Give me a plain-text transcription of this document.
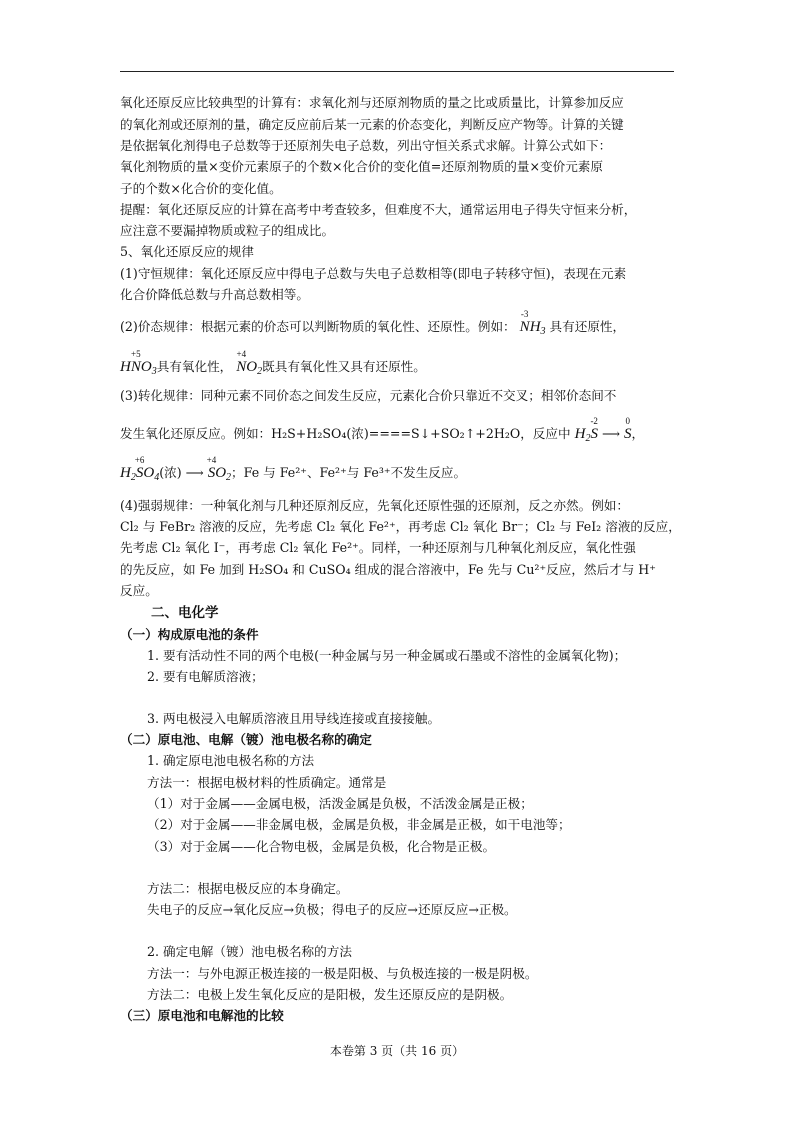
氧化还原反应比较典型的计算有：求氧化剂与还原剂物质的量之比或质量比，计算参加反应
的氧化剂或还原剂的量，确定反应前后某一元素的价态变化，判断反应产物等。计算的关键
是依据氧化剂得电子总数等于还原剂失电子总数，列出守恒关系式求解。计算公式如下：
氧化剂物质的量×变价元素原子的个数×化合价的变化值=还原剂物质的量×变价元素原
子的个数×化合价的变化值。
提醒：氧化还原反应的计算在高考中考查较多，但难度不大，通常运用电子得失守恒来分析，
应注意不要漏掉物质或粒子的组成比。
5、氧化还原反应的规律
(1)守恒规律：氧化还原反应中得电子总数与失电子总数相等(即电子转移守恒)，表现在元素
化合价降低总数与升高总数相等。
(2)价态规律：根据元素的价态可以判断物质的氧化性、还原性。例如： N
-3
$H_3$ 具有还原性，
HN
+5
$O_3$具有氧化性， N
+4
$O_2$既具有氧化性又具有还原性。
(3)转化规律：同种元素不同价态之间发生反应，元素化合价只靠近不交叉；相邻价态间不
发生氧化还原反应。例如：H₂S+H₂SO₄(浓)====S↓+SO₂↑+2H₂O，反应中 $H_2S$
-2
⟶ S
0
，
$H_2S$
+6
$O_4$(浓) ⟶ S
+4
$O_2$；Fe 与 Fe²⁺、Fe²⁺与 Fe³⁺不发生反应。
(4)强弱规律：一种氧化剂与几种还原剂反应，先氧化还原性强的还原剂，反之亦然。例如：
Cl₂ 与 FeBr₂ 溶液的反应，先考虑 Cl₂ 氧化 Fe²⁺，再考虑 Cl₂ 氧化 Br⁻；Cl₂ 与 FeI₂ 溶液的反应，
先考虑 Cl₂ 氧化 I⁻，再考虑 Cl₂ 氧化 Fe²⁺。同样，一种还原剂与几种氧化剂反应，氧化性强
的先反应，如 Fe 加到 H₂SO₄ 和 CuSO₄ 组成的混合溶液中，Fe 先与 Cu²⁺反应，然后才与 H⁺
反应。
二、电化学
（一）构成原电池的条件
1. 要有活动性不同的两个电极(一种金属与另一种金属或石墨或不溶性的金属氧化物)；
2. 要有电解质溶液；
3. 两电极浸入电解质溶液且用导线连接或直接接触。
（二）原电池、电解（镀）池电极名称的确定
1. 确定原电池电极名称的方法
方法一：根据电极材料的性质确定。通常是
（1）对于金属——金属电极，活泼金属是负极，不活泼金属是正极；
（2）对于金属——非金属电极，金属是负极，非金属是正极，如干电池等；
（3）对于金属——化合物电极，金属是负极，化合物是正极。
方法二：根据电极反应的本身确定。
失电子的反应→氧化反应→负极；得电子的反应→还原反应→正极。
2. 确定电解（镀）池电极名称的方法
方法一：与外电源正极连接的一极是阳极、与负极连接的一极是阴极。
方法二：电极上发生氧化反应的是阳极，发生还原反应的是阴极。
（三）原电池和电解池的比较
本卷第 3 页（共 16 页）
